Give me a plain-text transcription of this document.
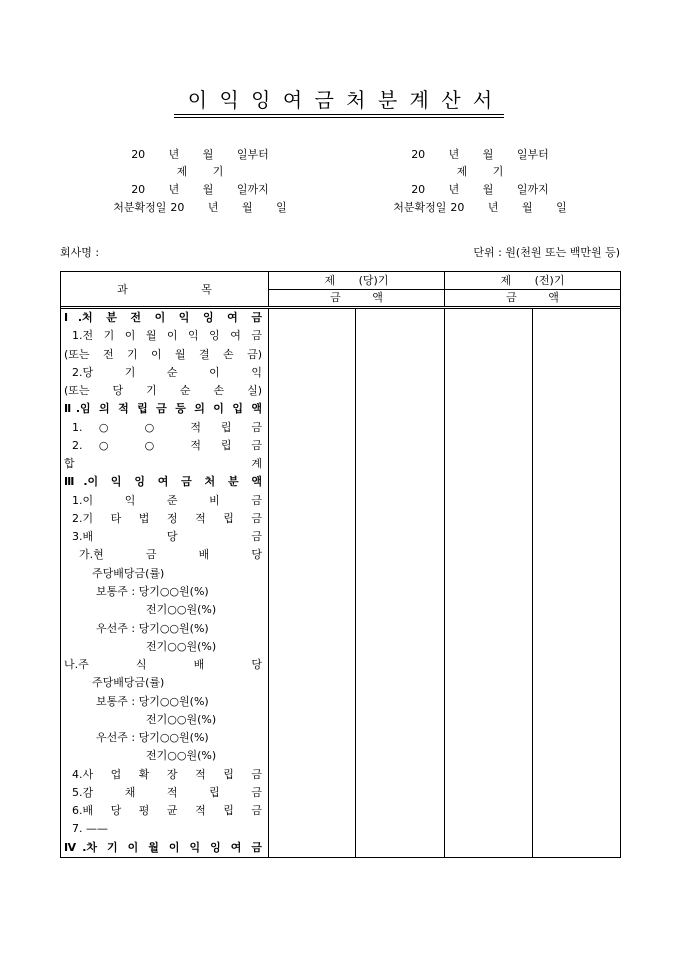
이 익 잉 여 금 처 분 계 산 서
20 년 월 일부터
제 기
20 년 월 일까지
처분확정일 20 년 월 일
20 년 월 일부터
제 기
20 년 월 일까지
처분확정일 20 년 월 일
회사명 :	단위 : 원(천원 또는 백만원 등)
과 목
제 (당)기
금 액
제 (전)기
금 액
Ⅰ.처 분 전 이 익 잉 여 금
1.전 기 이 월 이 익 잉 여 금
(또는 전 기 이 월 결 손 금)
2.당 기 순 이 익
(또는 당 기 순 손 실)
Ⅱ.임 의 적 립 금 등 의 이 입 액
1.○ ○ 적 립 금
2.○ ○ 적 립 금
합 계
Ⅲ.이 익 잉 여 금 처 분 액
1.이 익 준 비 금
2.기 타 법 정 적 립 금
3.배 당 금
가.현 금 배 당
주당배당금(률)
보통주 : 당기○○원(%)
전기○○원(%)
우선주 : 당기○○원(%)
전기○○원(%)
나.주 식 배 당
주당배당금(률)
보통주 : 당기○○원(%)
전기○○원(%)
우선주 : 당기○○원(%)
전기○○원(%)
4.사 업 확 장 적 립 금
5.감 채 적 립 금
6.배 당 평 균 적 립 금
7. ——
Ⅳ.차 기 이 월 이 익 잉 여 금
